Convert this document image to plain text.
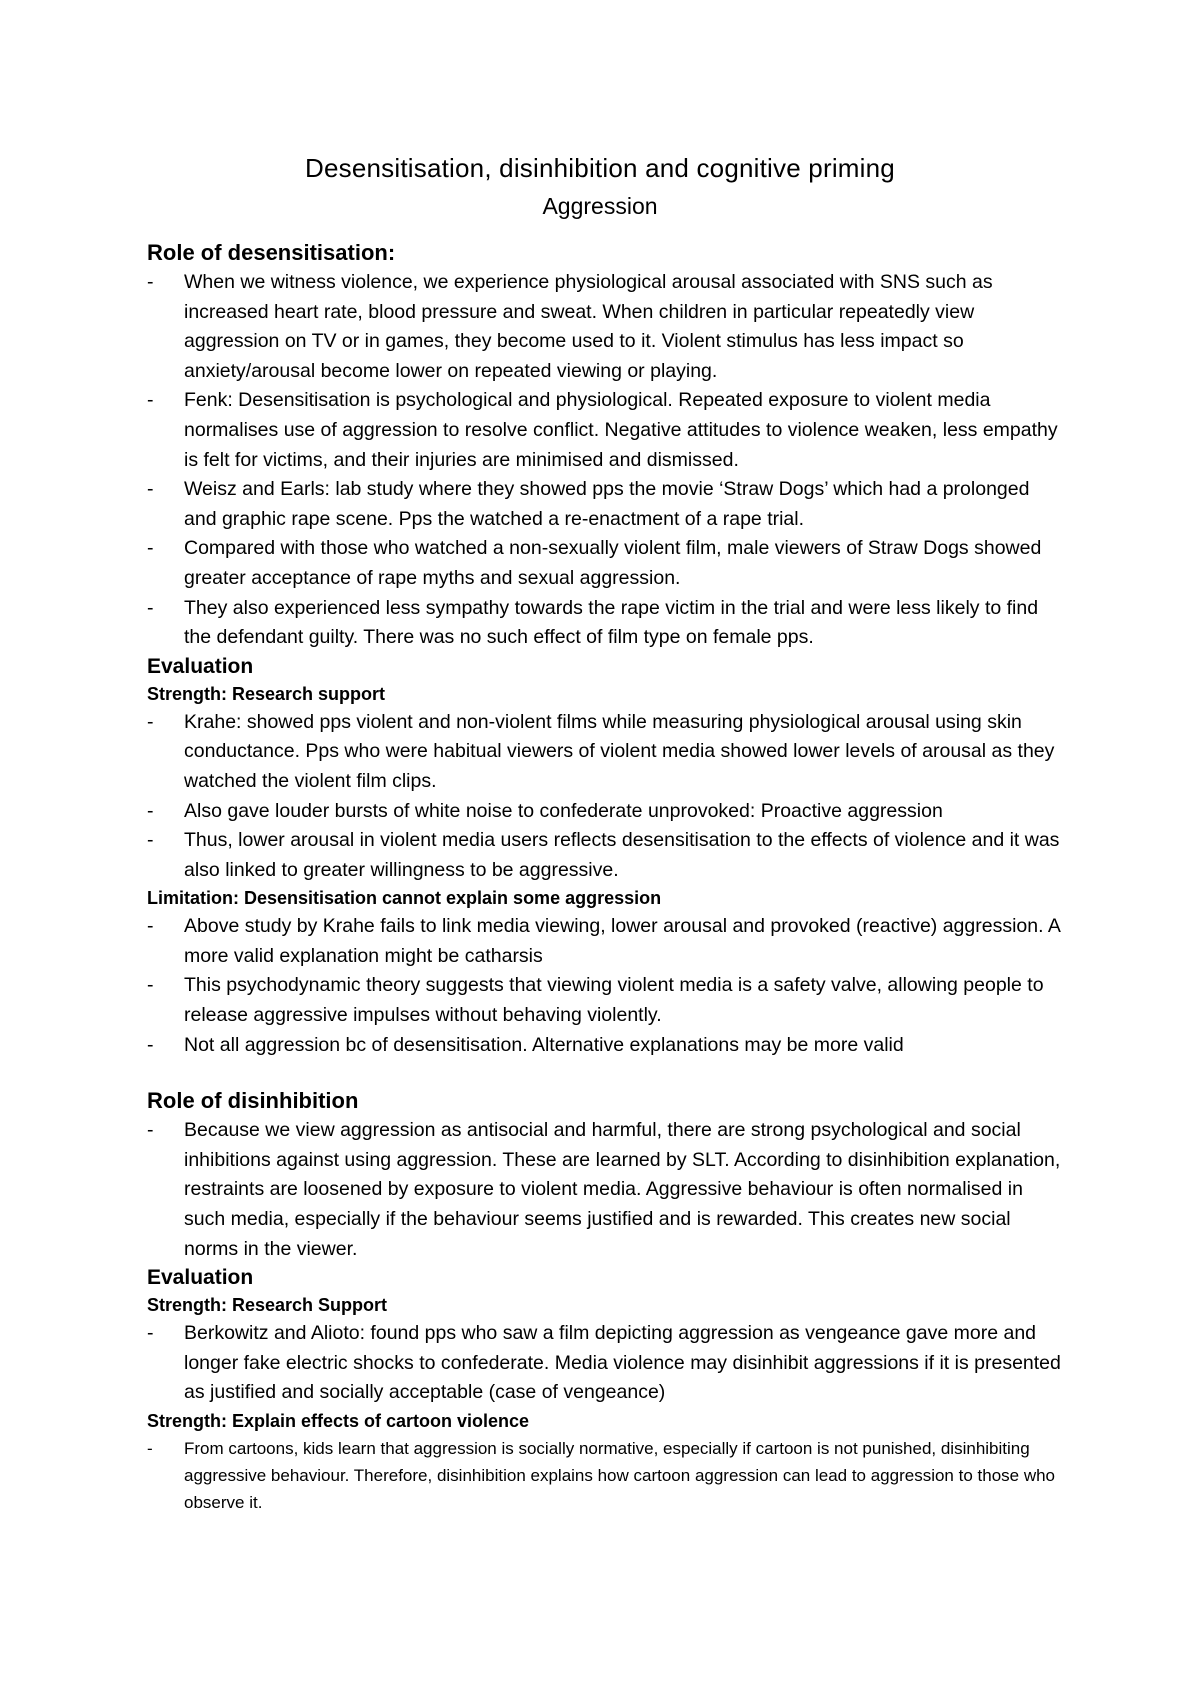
Desensitisation, disinhibition and cognitive priming
Aggression
Role of desensitisation:
- When we witness violence, we experience physiological arousal associated with SNS such as increased heart rate, blood pressure and sweat. When children in particular repeatedly view aggression on TV or in games, they become used to it. Violent stimulus has less impact so anxiety/arousal become lower on repeated viewing or playing.
- Fenk: Desensitisation is psychological and physiological. Repeated exposure to violent media normalises use of aggression to resolve conflict. Negative attitudes to violence weaken, less empathy is felt for victims, and their injuries are minimised and dismissed.
- Weisz and Earls: lab study where they showed pps the movie ‘Straw Dogs’ which had a prolonged and graphic rape scene. Pps the watched a re-enactment of a rape trial.
- Compared with those who watched a non-sexually violent film, male viewers of Straw Dogs showed greater acceptance of rape myths and sexual aggression.
- They also experienced less sympathy towards the rape victim in the trial and were less likely to find the defendant guilty. There was no such effect of film type on female pps.
Evaluation
Strength: Research support
- Krahe: showed pps violent and non-violent films while measuring physiological arousal using skin conductance. Pps who were habitual viewers of violent media showed lower levels of arousal as they watched the violent film clips.
- Also gave louder bursts of white noise to confederate unprovoked: Proactive aggression
- Thus, lower arousal in violent media users reflects desensitisation to the effects of violence and it was also linked to greater willingness to be aggressive.
Limitation: Desensitisation cannot explain some aggression
- Above study by Krahe fails to link media viewing, lower arousal and provoked (reactive) aggression. A more valid explanation might be catharsis
- This psychodynamic theory suggests that viewing violent media is a safety valve, allowing people to release aggressive impulses without behaving violently.
- Not all aggression bc of desensitisation. Alternative explanations may be more valid
Role of disinhibition
- Because we view aggression as antisocial and harmful, there are strong psychological and social inhibitions against using aggression. These are learned by SLT. According to disinhibition explanation, restraints are loosened by exposure to violent media. Aggressive behaviour is often normalised in such media, especially if the behaviour seems justified and is rewarded. This creates new social norms in the viewer.
Evaluation
Strength: Research Support
- Berkowitz and Alioto: found pps who saw a film depicting aggression as vengeance gave more and longer fake electric shocks to confederate. Media violence may disinhibit aggressions if it is presented as justified and socially acceptable (case of vengeance)
Strength: Explain effects of cartoon violence
- From cartoons, kids learn that aggression is socially normative, especially if cartoon is not punished, disinhibiting aggressive behaviour. Therefore, disinhibition explains how cartoon aggression can lead to aggression to those who observe it.
